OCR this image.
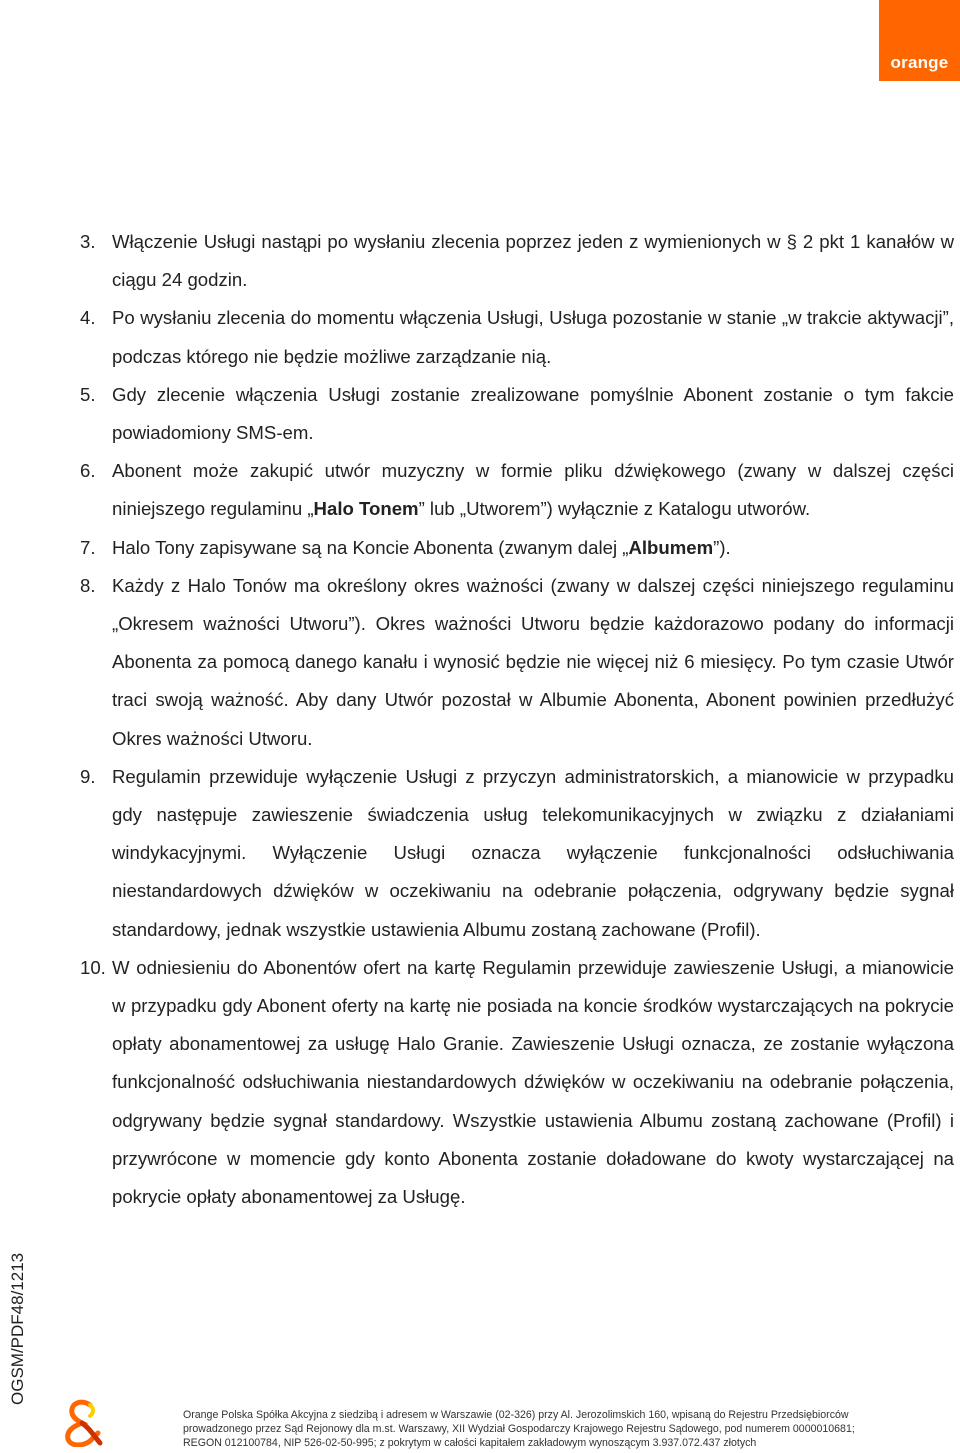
orange
3. Włączenie Usługi nastąpi po wysłaniu zlecenia poprzez jeden z wymienionych w § 2 pkt 1 kanałów w ciągu 24 godzin.
4. Po wysłaniu zlecenia do momentu włączenia Usługi, Usługa pozostanie w stanie „w trakcie aktywacji”, podczas którego nie będzie możliwe zarządzanie nią.
5. Gdy zlecenie włączenia Usługi zostanie zrealizowane pomyślnie Abonent zostanie o tym fakcie powiadomiony SMS-em.
6. Abonent może zakupić utwór muzyczny w formie pliku dźwiękowego (zwany w dalszej części niniejszego regulaminu „Halo Tonem” lub „Utworem”) wyłącznie z Katalogu utworów.
7. Halo Tony zapisywane są na Koncie Abonenta (zwanym dalej „Albumem”).
8. Każdy z Halo Tonów ma określony okres ważności (zwany w dalszej części niniejszego regulaminu „Okresem ważności Utworu”). Okres ważności Utworu będzie każdorazowo podany do informacji Abonenta za pomocą danego kanału i wynosić będzie nie więcej niż 6 miesięcy. Po tym czasie Utwór traci swoją ważność. Aby dany Utwór pozostał w Albumie Abonenta, Abonent powinien przedłużyć Okres ważności Utworu.
9. Regulamin przewiduje wyłączenie Usługi z przyczyn administratorskich, a mianowicie w przypadku gdy następuje zawieszenie świadczenia usług telekomunikacyjnych w związku z działaniami windykacyjnymi. Wyłączenie Usługi oznacza wyłączenie funkcjonalności odsłuchiwania niestandardowych dźwięków w oczekiwaniu na odebranie połączenia, odgrywany będzie sygnał standardowy, jednak wszystkie ustawienia Albumu zostaną zachowane (Profil).
10. W odniesieniu do Abonentów ofert na kartę Regulamin przewiduje zawieszenie Usługi, a mianowicie w przypadku gdy Abonent oferty na kartę nie posiada na koncie środków wystarczających na pokrycie opłaty abonamentowej za usługę Halo Granie. Zawieszenie Usługi oznacza, ze zostanie wyłączona funkcjonalność odsłuchiwania niestandardowych dźwięków w oczekiwaniu na odebranie połączenia, odgrywany będzie sygnał standardowy. Wszystkie ustawienia Albumu zostaną zachowane (Profil) i przywrócone w momencie gdy konto Abonenta zostanie doładowane do kwoty wystarczającej na pokrycie opłaty abonamentowej za Usługę.
OGSM/PDF48/1213
Orange Polska Spółka Akcyjna z siedzibą i adresem w Warszawie (02-326) przy Al. Jerozolimskich 160, wpisaną do Rejestru Przedsiębiorców
prowadzonego przez Sąd Rejonowy dla m.st. Warszawy, XII Wydział Gospodarczy Krajowego Rejestru Sądowego, pod numerem 0000010681;
REGON 012100784, NIP 526-02-50-995; z pokrytym w całości kapitałem zakładowym wynoszącym 3.937.072.437 złotych
